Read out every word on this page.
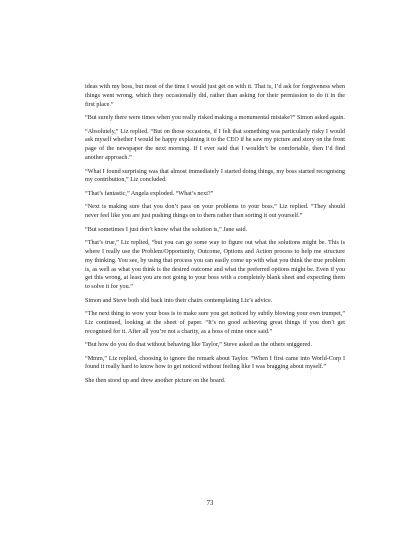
ideas with my boss, but most of the time I would just get on with it. That is, I’d ask for forgiveness when things went wrong, which they occasionally did, rather than asking for their permission to do it in the first place.”

“But surely there were times when you really risked making a monumental mistake?” Simon asked again.

“Absolutely,” Liz replied. “But on those occasions, if I felt that something was particularly risky I would ask myself whether I would be happy explaining it to the CEO if he saw my picture and story on the front page of the newspaper the next morning. If I ever said that I wouldn’t be comfortable, then I’d find another approach.”

“What I found surprising was that almost immediately I started doing things, my boss started recognising my contribution,” Liz concluded.

“That’s fantastic,” Angela exploded. “What’s next?”

“Next is making sure that you don’t pass on your problems to your boss.” Liz replied. “They should never feel like you are just pushing things on to them rather than sorting it out yourself.”

“But sometimes I just don’t know what the solution is,” Jane said.

“That’s true,” Liz replied, “but you can go some way to figure out what the solutions might be. This is where I really use the Problem/Opportunity, Outcome, Options and Action process to help me structure my thinking. You see, by using that process you can easily come up with what you think the true problem is, as well as what you think is the desired outcome and what the preferred options might be. Even if you get this wrong, at least you are not going to your boss with a completely blank sheet and expecting them to solve it for you.”

Simon and Steve both slid back into their chairs contemplating Liz’s advice.

“The next thing to wow your boss is to make sure you get noticed by subtly blowing your own trumpet,” Liz continued, looking at the sheet of paper. “It’s no good achieving great things if you don’t get recognised for it. After all you’re not a charity, as a boss of mine once said.”

“But how do you do that without behaving like Taylor,” Steve asked as the others sniggered.

“Mmm,” Liz replied, choosing to ignore the remark about Taylor. “When I first came into World-Corp I found it really hard to know how to get noticed without feeling like I was bragging about myself.”

She then stood up and drew another picture on the board.

73
